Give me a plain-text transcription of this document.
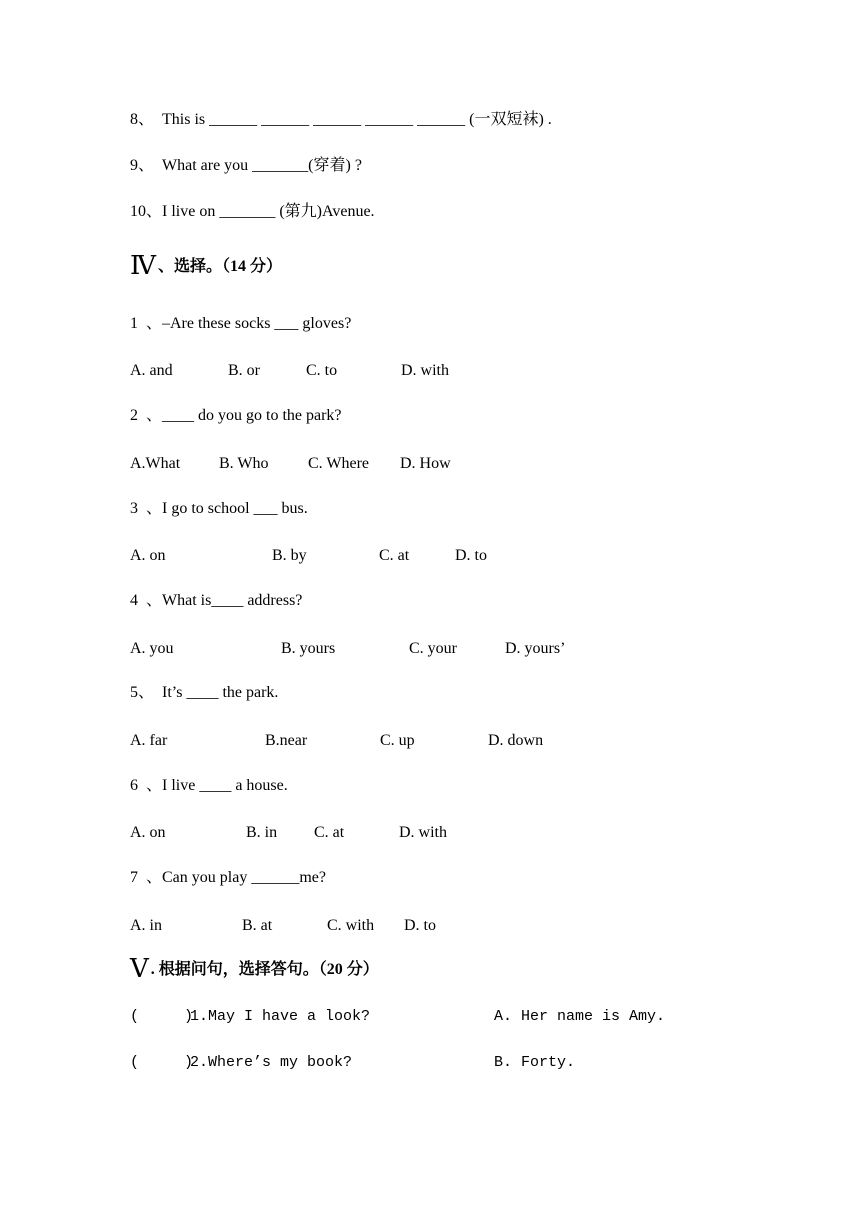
8、  This is ______ ______ ______ ______ ______ (一双短袜) .
9、  What are you _______(穿着) ?
10、I live on _______ (第九)Avenue.
Ⅳ 、选择。（14 分）
1  、–Are these socks ___ gloves?
A. and	B. or	C. to	D. with
2  、____ do you go to the park?
A.What B. Who C. Where D. How
3  、I go to school ___ bus.
A. on	B. by	C. at	D. to
4  、What is____ address?
A. you	B. yours	C. your	D. yours’
5、  It’s ____ the park.
A. far	B.near	C. up	D. down
6  、I live ____ a house.
A. on	B. in C. at	D. with
7  、Can you play ______me?
A. in	B. at	C. with D. to
Ⅴ . 根据问句，选择答句。（20 分）
(     )
1.May I have a look?	A. Her name is Amy.
(     )
2.Where’s my book?	B. Forty.
